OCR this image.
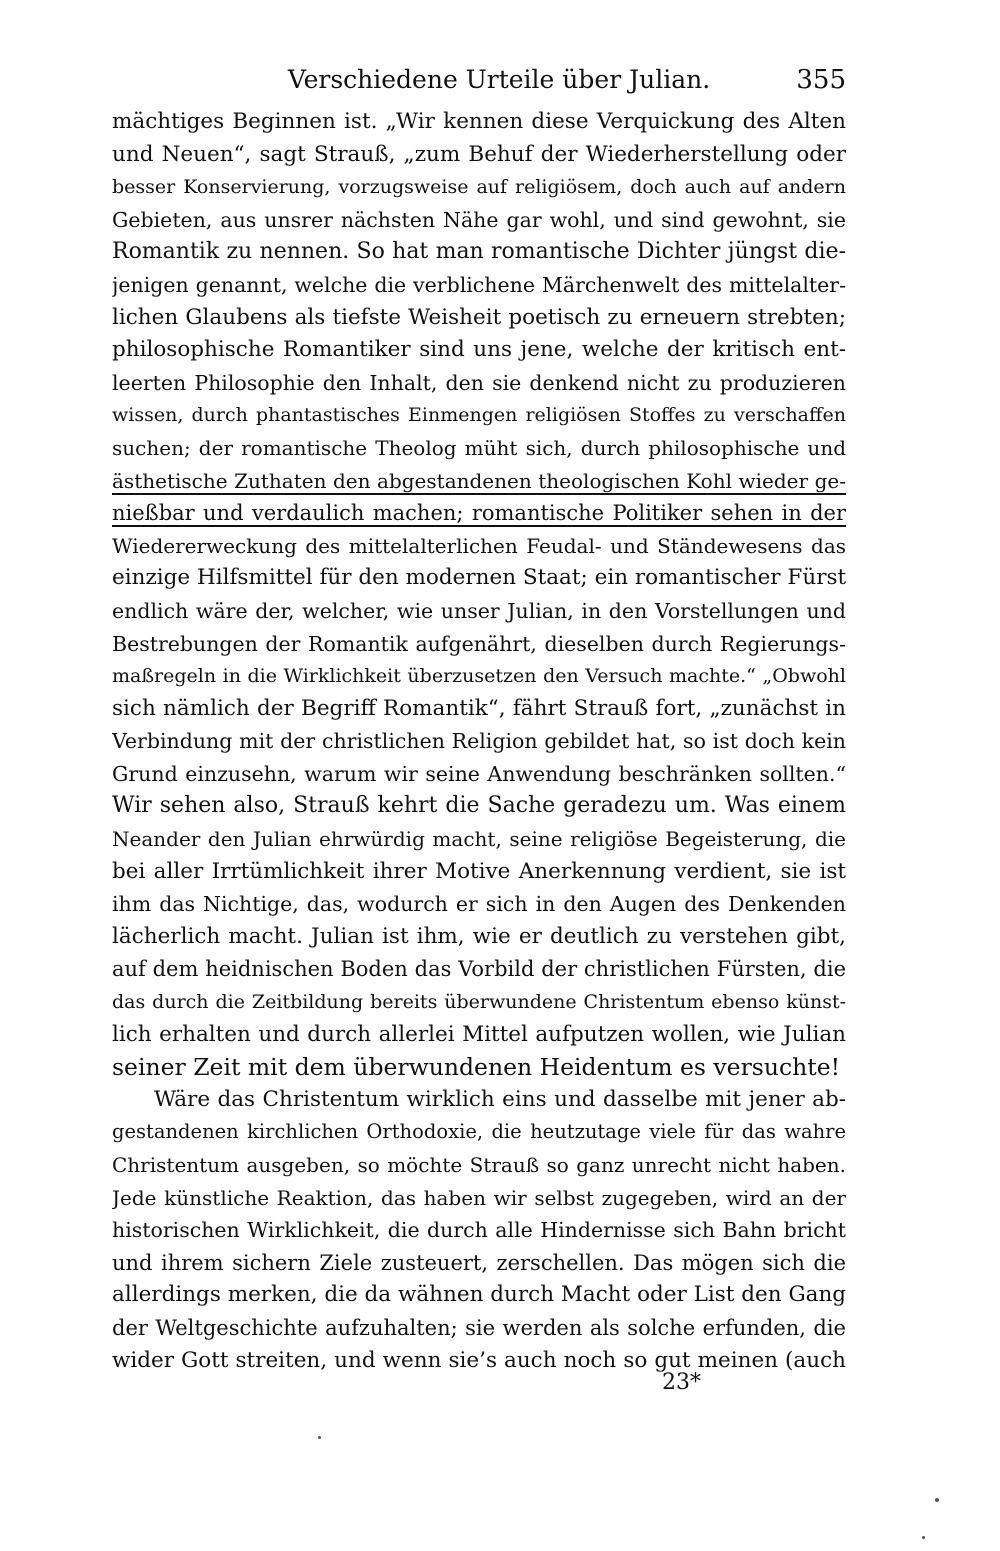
Verschiedene Urteile über Julian.	355
mächtiges Beginnen ist. „Wir kennen diese Verquickung des Alten
und Neuen“, sagt Strauß, „zum Behuf der Wiederherstellung oder
besser Konservierung, vorzugsweise auf religiösem, doch auch auf andern
Gebieten, aus unsrer nächsten Nähe gar wohl, und sind gewohnt, sie
Romantik zu nennen. So hat man romantische Dichter jüngst die-
jenigen genannt, welche die verblichene Märchenwelt des mittelalter-
lichen Glaubens als tiefste Weisheit poetisch zu erneuern strebten;
philosophische Romantiker sind uns jene, welche der kritisch ent-
leerten Philosophie den Inhalt, den sie denkend nicht zu produzieren
wissen, durch phantastisches Einmengen religiösen Stoffes zu verschaffen
suchen; der romantische Theolog müht sich, durch philosophische und
ästhetische Zuthaten den abgestandenen theologischen Kohl wieder ge-
nießbar und verdaulich machen; romantische Politiker sehen in der
Wiedererweckung des mittelalterlichen Feudal- und Ständewesens das
einzige Hilfsmittel für den modernen Staat; ein romantischer Fürst
endlich wäre der, welcher, wie unser Julian, in den Vorstellungen und
Bestrebungen der Romantik aufgenährt, dieselben durch Regierungs-
maßregeln in die Wirklichkeit überzusetzen den Versuch machte.“ „Obwohl
sich nämlich der Begriff Romantik“, fährt Strauß fort, „zunächst in
Verbindung mit der christlichen Religion gebildet hat, so ist doch kein
Grund einzusehn, warum wir seine Anwendung beschränken sollten.“
Wir sehen also, Strauß kehrt die Sache geradezu um. Was einem
Neander den Julian ehrwürdig macht, seine religiöse Begeisterung, die
bei aller Irrtümlichkeit ihrer Motive Anerkennung verdient, sie ist
ihm das Nichtige, das, wodurch er sich in den Augen des Denkenden
lächerlich macht. Julian ist ihm, wie er deutlich zu verstehen gibt,
auf dem heidnischen Boden das Vorbild der christlichen Fürsten, die
das durch die Zeitbildung bereits überwundene Christentum ebenso künst-
lich erhalten und durch allerlei Mittel aufputzen wollen, wie Julian
seiner Zeit mit dem überwundenen Heidentum es versuchte!
Wäre das Christentum wirklich eins und dasselbe mit jener ab-
gestandenen kirchlichen Orthodoxie, die heutzutage viele für das wahre
Christentum ausgeben, so möchte Strauß so ganz unrecht nicht haben.
Jede künstliche Reaktion, das haben wir selbst zugegeben, wird an der
historischen Wirklichkeit, die durch alle Hindernisse sich Bahn bricht
und ihrem sichern Ziele zusteuert, zerschellen. Das mögen sich die
allerdings merken, die da wähnen durch Macht oder List den Gang
der Weltgeschichte aufzuhalten; sie werden als solche erfunden, die
wider Gott streiten, und wenn sie’s auch noch so gut meinen (auch
23*
